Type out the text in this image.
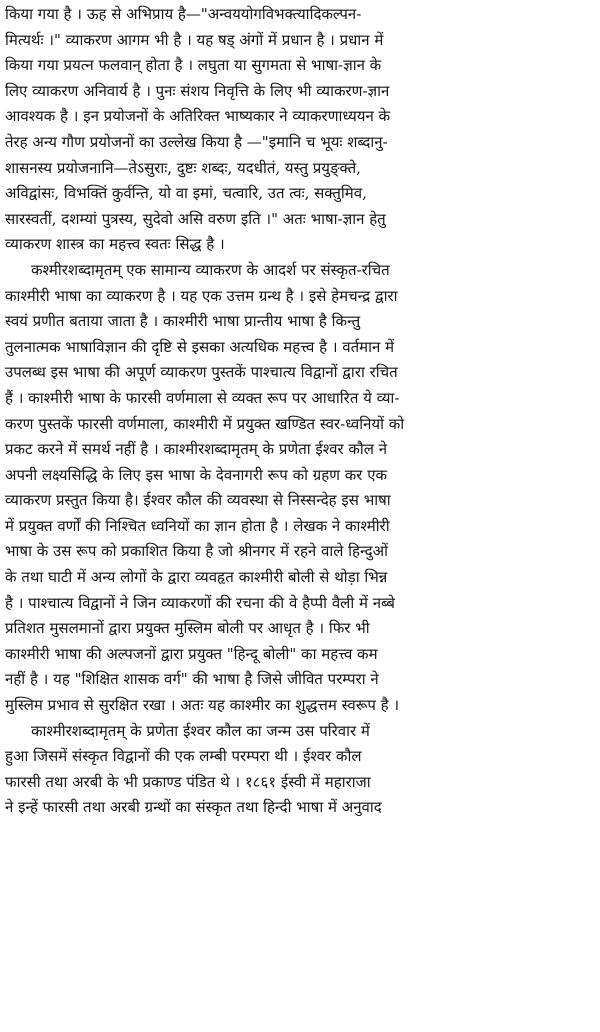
किया गया है । ऊह से अभिप्राय है—"अन्वययोगविभक्त्यादिकल्पन-
मित्यर्थः ।" व्याकरण आगम भी है । यह षड् अंगों में प्रधान है । प्रधान में
किया गया प्रयत्न फलवान् होता है । लघुता या सुगमता से भाषा-ज्ञान के
लिए व्याकरण अनिवार्य है । पुनः संशय निवृत्ति के लिए भी व्याकरण-ज्ञान
आवश्यक है । इन प्रयोजनों के अतिरिक्त भाष्यकार ने व्याकरणाध्ययन के
तेरह अन्य गौण प्रयोजनों का उल्लेख किया है —"इमानि च भूयः शब्दानु-
शासनस्य प्रयोजनानि—तेऽसुराः, दुष्टः शब्दः, यदधीतं, यस्तु प्रयुङ्क्ते,
अविद्वांसः, विभक्तिं कुर्वन्ति, यो वा इमां, चत्वारि, उत त्वः, सक्तुमिव,
सारस्वतीं, दशम्यां पुत्रस्य, सुदेवो असि वरुण इति ।" अतः भाषा-ज्ञान हेतु
व्याकरण शास्त्र का महत्त्व स्वतः सिद्ध है ।
कश्मीरशब्दामृतम् एक सामान्य व्याकरण के आदर्श पर संस्कृत-रचित
काश्मीरी भाषा का व्याकरण है । यह एक उत्तम ग्रन्थ है । इसे हेमचन्द्र द्वारा
स्वयं प्रणीत बताया जाता है । काश्मीरी भाषा प्रान्तीय भाषा है किन्तु
तुलनात्मक भाषाविज्ञान की दृष्टि से इसका अत्यधिक महत्त्व है । वर्तमान में
उपलब्ध इस भाषा की अपूर्ण व्याकरण पुस्तकें पाश्चात्य विद्वानों द्वारा रचित
हैं । काश्मीरी भाषा के फारसी वर्णमाला से व्यक्त रूप पर आधारित ये व्या-
करण पुस्तकें फारसी वर्णमाला, काश्मीरी में प्रयुक्त खण्डित स्वर-ध्वनियों को
प्रकट करने में समर्थ नहीं है । काश्मीरशब्दामृतम् के प्रणेता ईश्वर कौल ने
अपनी लक्ष्यसिद्धि के लिए इस भाषा के देवनागरी रूप को ग्रहण कर एक
व्याकरण प्रस्तुत किया है। ईश्वर कौल की व्यवस्था से निस्सन्देह इस भाषा
में प्रयुक्त वर्णों की निश्चित ध्वनियों का ज्ञान होता है । लेखक ने काश्मीरी
भाषा के उस रूप को प्रकाशित किया है जो श्रीनगर में रहने वाले हिन्दुओं
के तथा घाटी में अन्य लोगों के द्वारा व्यवहृत काश्मीरी बोली से थोड़ा भिन्न
है । पाश्चात्य विद्वानों ने जिन व्याकरणों की रचना की वे हैप्पी वैली में नब्बे
प्रतिशत मुसलमानों द्वारा प्रयुक्त मुस्लिम बोली पर आधृत है । फिर भी
काश्मीरी भाषा की अल्पजनों द्वारा प्रयुक्त "हिन्दू बोली" का महत्त्व कम
नहीं है । यह "शिक्षित शासक वर्ग" की भाषा है जिसे जीवित परम्परा ने
मुस्लिम प्रभाव से सुरक्षित रखा । अतः यह काश्मीर का शुद्धत्तम स्वरूप है ।
काश्मीरशब्दामृतम् के प्रणेता ईश्वर कौल का जन्म उस परिवार में
हुआ जिसमें संस्कृत विद्वानों की एक लम्बी परम्परा थी । ईश्वर कौल
फारसी तथा अरबी के भी प्रकाण्ड पंडित थे । १८६१ ईस्वी में महाराजा
ने इन्हें फारसी तथा अरबी ग्रन्थों का संस्कृत तथा हिन्दी भाषा में अनुवाद
